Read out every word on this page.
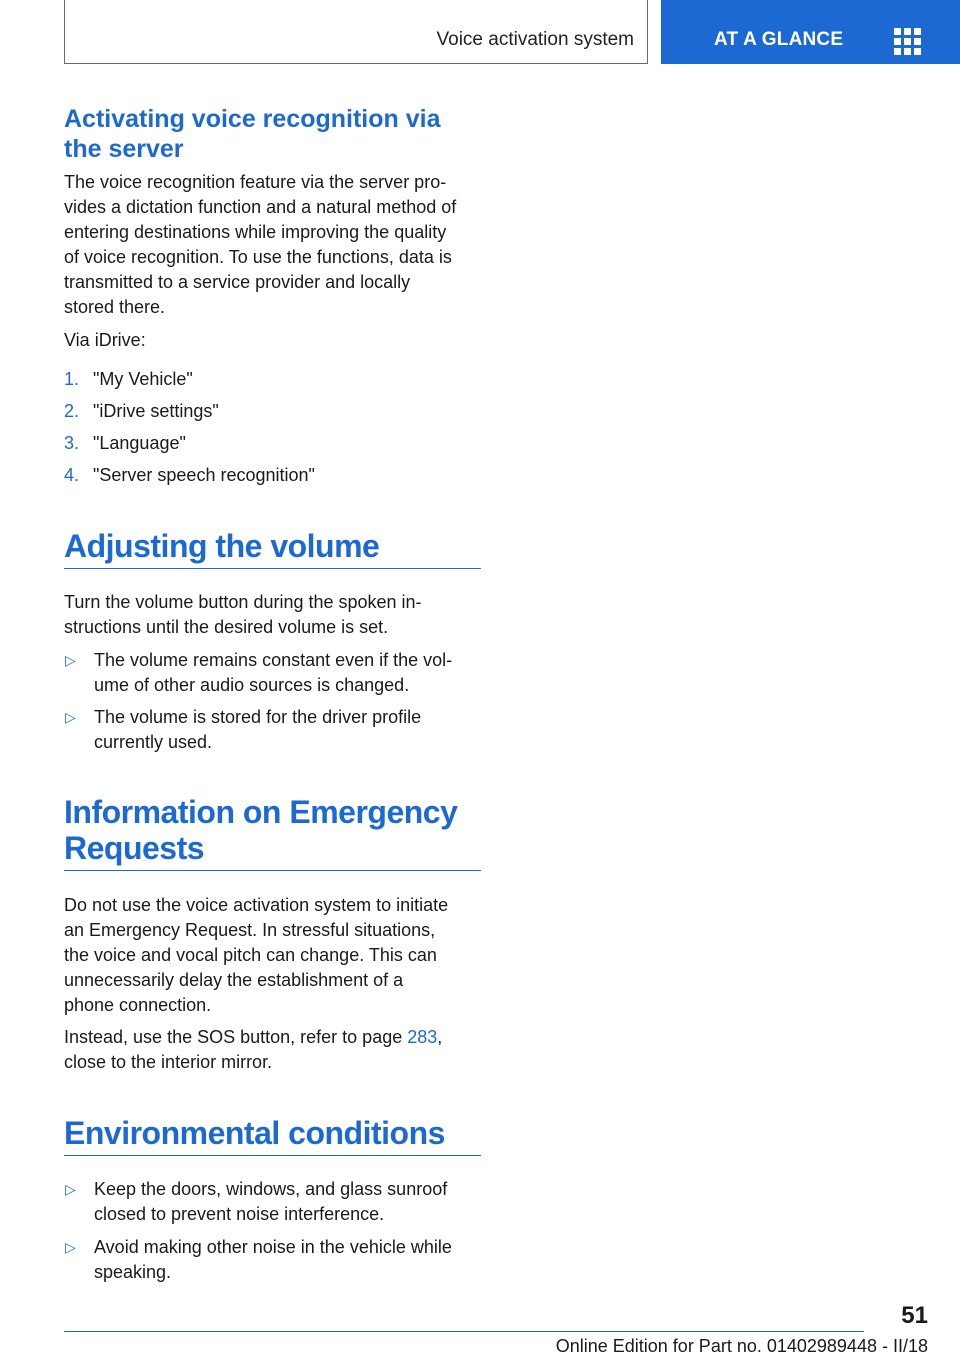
Voice activation system	AT A GLANCE
Activating voice recognition via the server
The voice recognition feature via the server pro-
vides a dictation function and a natural method of
entering destinations while improving the quality
of voice recognition. To use the functions, data is
transmitted to a service provider and locally
stored there.
Via iDrive:
1. "My Vehicle"
2. "iDrive settings"
3. "Language"
4. "Server speech recognition"
Adjusting the volume
Turn the volume button during the spoken in-
structions until the desired volume is set.
▷ The volume remains constant even if the vol-
ume of other audio sources is changed.
▷ The volume is stored for the driver profile
currently used.
Information on Emergency
Requests
Do not use the voice activation system to initiate
an Emergency Request. In stressful situations,
the voice and vocal pitch can change. This can
unnecessarily delay the establishment of a
phone connection.
Instead, use the SOS button, refer to page 283,
close to the interior mirror.
Environmental conditions
▷ Keep the doors, windows, and glass sunroof
closed to prevent noise interference.
▷ Avoid making other noise in the vehicle while
speaking.
51
Online Edition for Part no. 01402989448 - II/18
